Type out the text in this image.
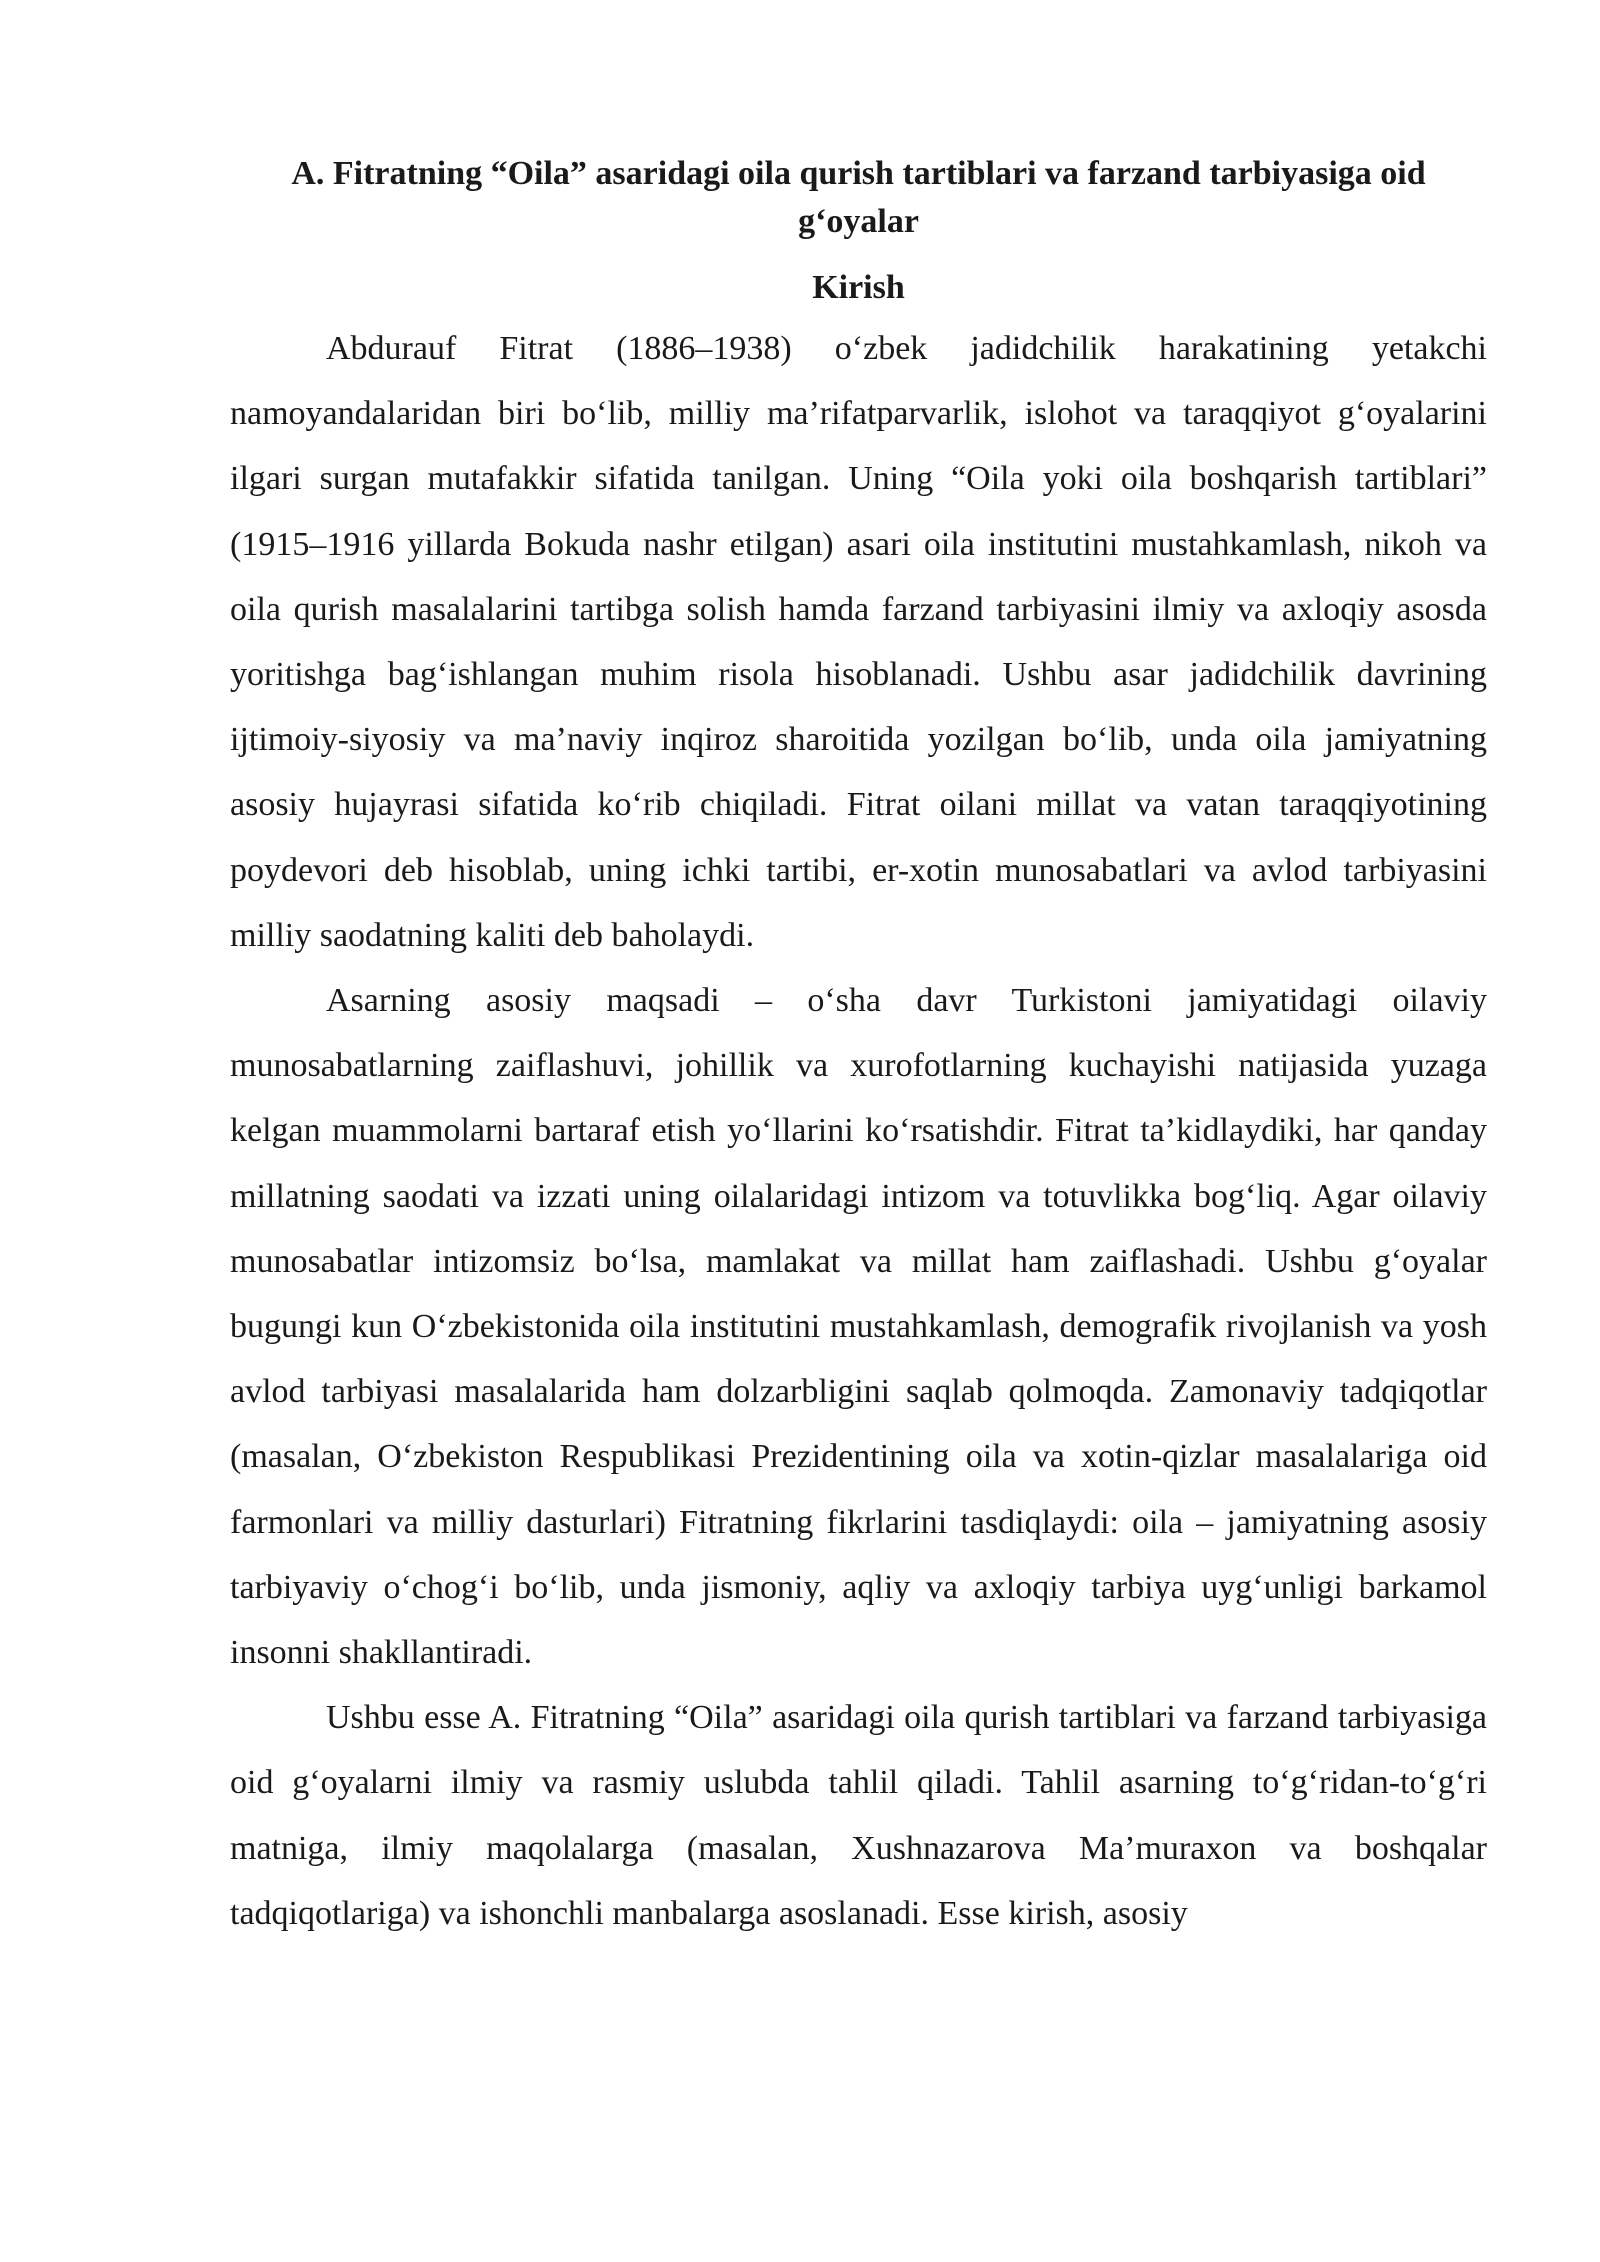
A. Fitratning “Oila” asaridagi oila qurish tartiblari va farzand tarbiyasiga oid g‘oyalar
Kirish

Abdurauf Fitrat (1886–1938) o‘zbek jadidchilik harakatining yetakchi namoyandalaridan biri bo‘lib, milliy ma’rifatparvarlik, islohot va taraqqiyot g‘oyalarini ilgari surgan mutafakkir sifatida tanilgan. Uning “Oila yoki oila boshqarish tartiblari” (1915–1916 yillarda Bokuda nashr etilgan) asari oila institutini mustahkamlash, nikoh va oila qurish masalalarini tartibga solish hamda farzand tarbiyasini ilmiy va axloqiy asosda yoritishga bag‘ishlangan muhim risola hisoblanadi. Ushbu asar jadidchilik davrining ijtimoiy-siyosiy va ma’naviy inqiroz sharoitida yozilgan bo‘lib, unda oila jamiyatning asosiy hujayrasi sifatida ko‘rib chiqiladi. Fitrat oilani millat va vatan taraqqiyotining poydevori deb hisoblab, uning ichki tartibi, er-xotin munosabatlari va avlod tarbiyasini milliy saodatning kaliti deb baholaydi.

Asarning asosiy maqsadi – o‘sha davr Turkistoni jamiyatidagi oilaviy munosabatlarning zaiflashuvi, johillik va xurofotlarning kuchayishi natijasida yuzaga kelgan muammolarni bartaraf etish yo‘llarini ko‘rsatishdir. Fitrat ta’kidlaydiki, har qanday millatning saodati va izzati uning oilalaridagi intizom va totuvlikka bog‘liq. Agar oilaviy munosabatlar intizomsiz bo‘lsa, mamlakat va millat ham zaiflashadi. Ushbu g‘oyalar bugungi kun O‘zbekistonida oila institutini mustahkamlash, demografik rivojlanish va yosh avlod tarbiyasi masalalarida ham dolzarbligini saqlab qolmoqda. Zamonaviy tadqiqotlar (masalan, O‘zbekiston Respublikasi Prezidentining oila va xotin-qizlar masalalariga oid farmonlari va milliy dasturlari) Fitratning fikrlarini tasdiqlaydi: oila – jamiyatning asosiy tarbiyaviy o‘chog‘i bo‘lib, unda jismoniy, aqliy va axloqiy tarbiya uyg‘unligi barkamol insonni shakllantiradi.

Ushbu esse A. Fitratning “Oila” asaridagi oila qurish tartiblari va farzand tarbiyasiga oid g‘oyalarni ilmiy va rasmiy uslubda tahlil qiladi. Tahlil asarning to‘g‘ridan-to‘g‘ri matniga, ilmiy maqolalarga (masalan, Xushnazarova Ma’muraxon va boshqalar tadqiqotlariga) va ishonchli manbalarga asoslanadi. Esse kirish, asosiy
